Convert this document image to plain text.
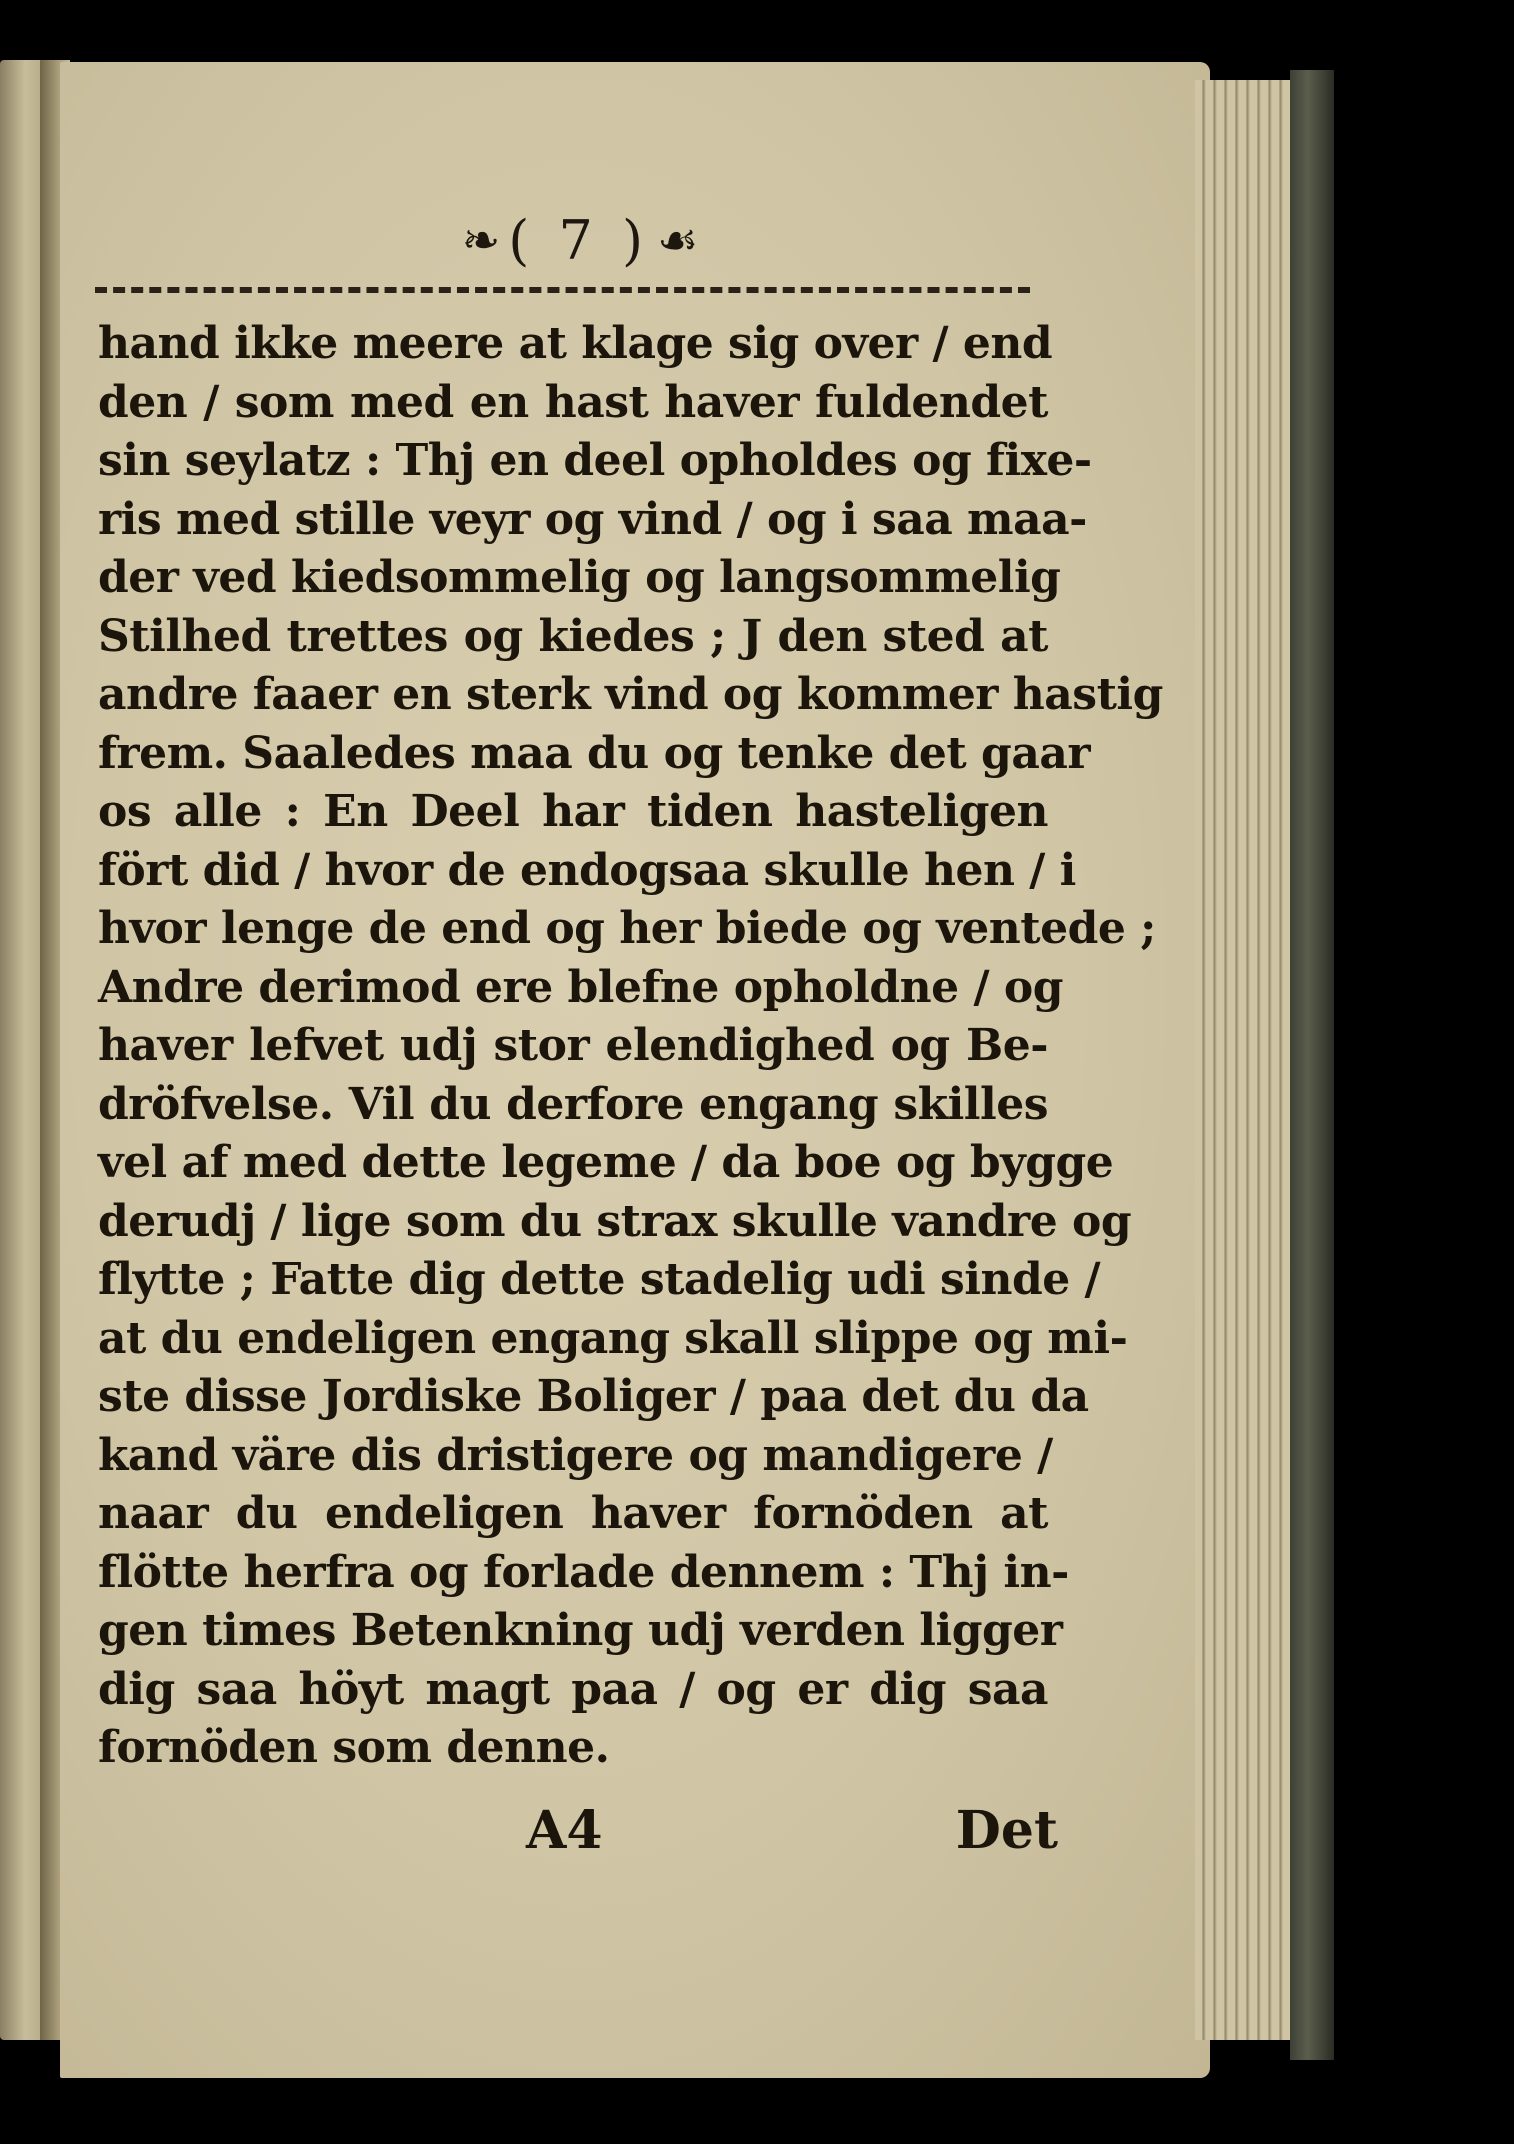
❧ ( 7 ) ☙
hand ikke meere at klage sig over / end
den / som med en hast haver fuldendet
sin seylatz : Thj en deel opholdes og fixe-
ris med stille veyr og vind / og i saa maa-
der ved kiedsommelig og langsommelig
Stilhed trettes og kiedes ; J den sted at
andre faaer en sterk vind og kommer hastig
frem. Saaledes maa du og tenke det gaar
os alle : En Deel har tiden hasteligen
fört did / hvor de endogsaa skulle hen / i
hvor lenge de end og her biede og ventede ;
Andre derimod ere blefne opholdne / og
haver lefvet udj stor elendighed og Be-
dröfvelse. Vil du derfore engang skilles
vel af med dette legeme / da boe og bygge
derudj / lige som du strax skulle vandre og
flytte ; Fatte dig dette stadelig udi sinde /
at du endeligen engang skall slippe og mi-
ste disse Jordiske Boliger / paa det du da
kand väre dis dristigere og mandigere /
naar du endeligen haver fornöden at
flötte herfra og forlade dennem : Thj in-
gen times Betenkning udj verden ligger
dig saa höyt magt paa / og er dig saa
fornöden som denne.
A4	Det
